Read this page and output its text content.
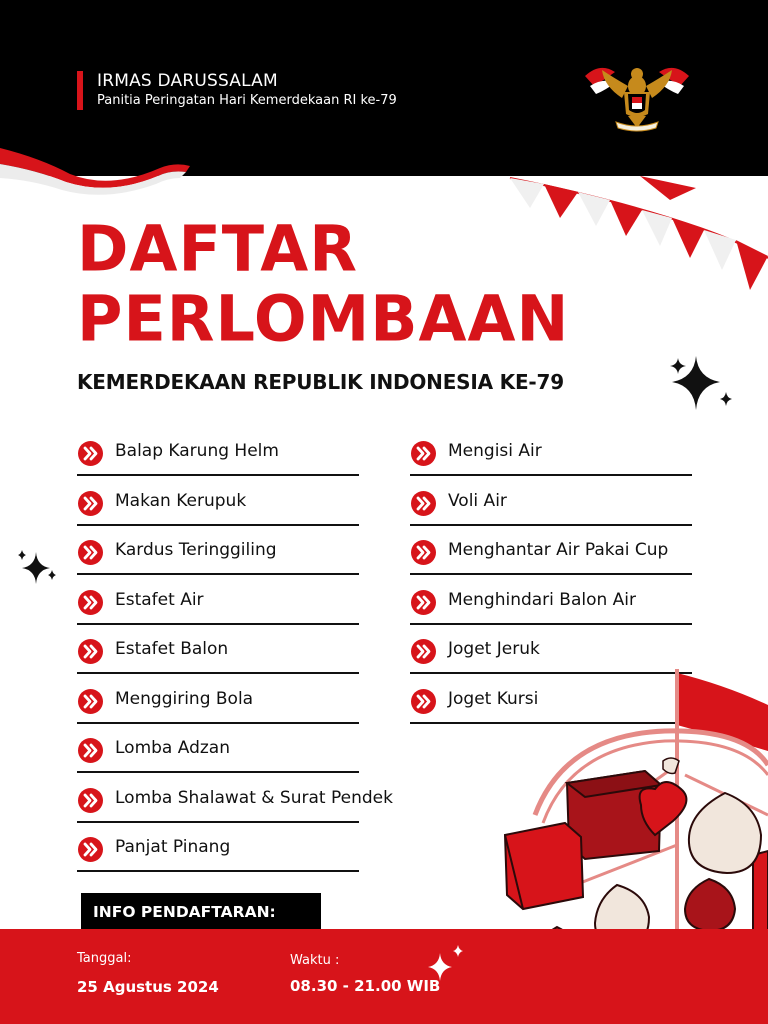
IRMAS DARUSSALAM
Panitia Peringatan Hari Kemerdekaan RI ke-79
DAFTAR
PERLOMBAAN
KEMERDEKAAN REPUBLIK INDONESIA KE-79
Balap Karung Helm
Makan Kerupuk
Kardus Teringgiling
Estafet Air
Estafet Balon
Menggiring Bola
Lomba Adzan
Lomba Shalawat & Surat Pendek
Panjat Pinang
Mengisi Air
Voli Air
Menghantar Air Pakai Cup
Menghindari Balon Air
Joget Jeruk
Joget Kursi
INFO PENDAFTARAN:
Tanggal:
25 Agustus 2024
Waktu :
08.30 - 21.00 WIB
